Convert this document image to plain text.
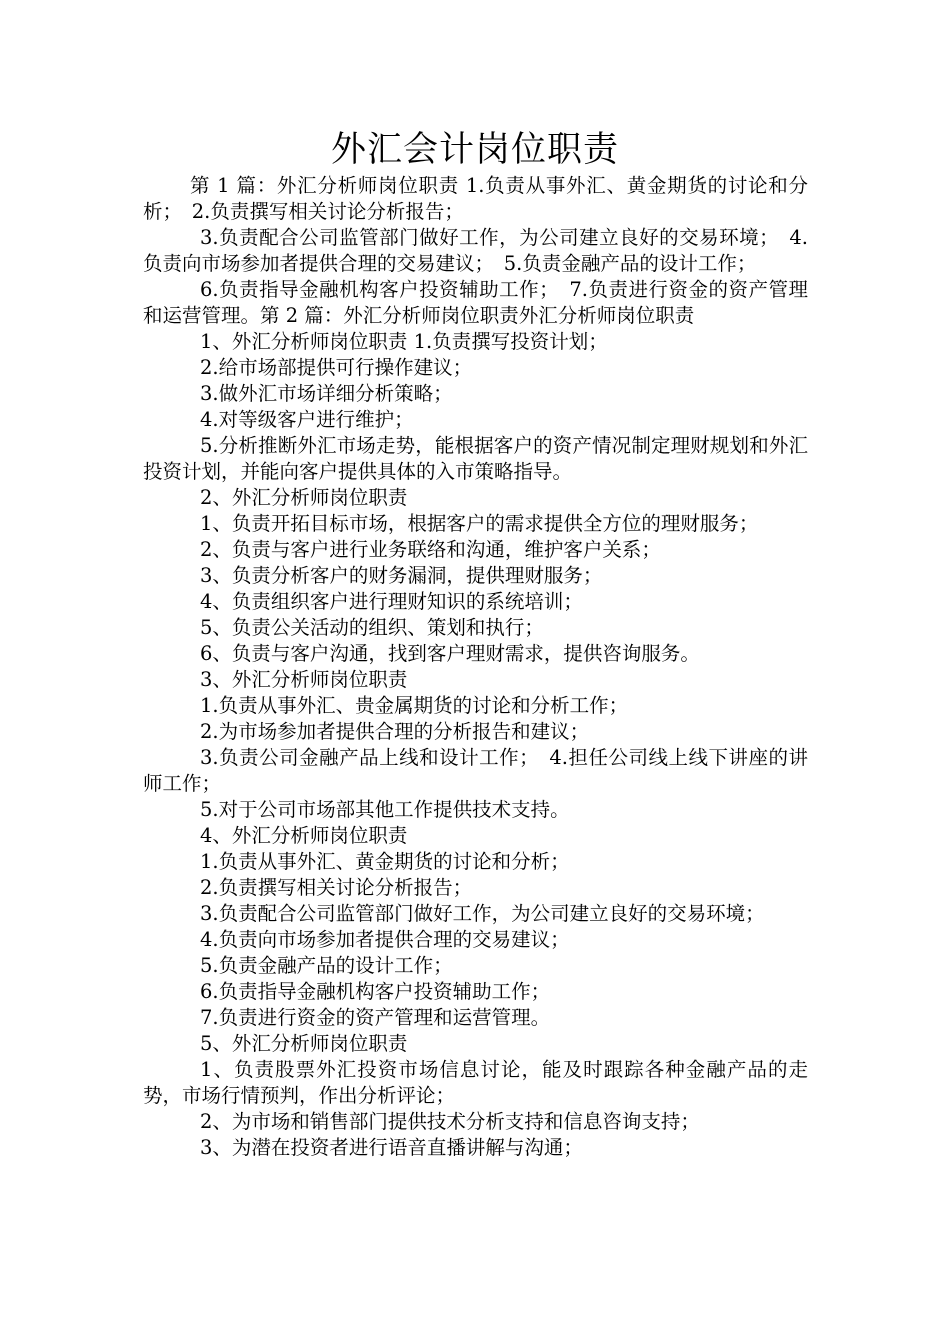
外汇会计岗位职责

第 1 篇：外汇分析师岗位职责 1.负责从事外汇、黄金期货的讨论和分析；　2.负责撰写相关讨论分析报告；

3.负责配合公司监管部门做好工作，为公司建立良好的交易环境；　4.负责向市场参加者提供合理的交易建议；　5.负责金融产品的设计工作；

6.负责指导金融机构客户投资辅助工作；　7.负责进行资金的资产管理和运营管理。第 2 篇：外汇分析师岗位职责外汇分析师岗位职责

1、外汇分析师岗位职责 1.负责撰写投资计划；

2.给市场部提供可行操作建议；

3.做外汇市场详细分析策略；

4.对等级客户进行维护；

5.分析推断外汇市场走势，能根据客户的资产情况制定理财规划和外汇投资计划，并能向客户提供具体的入市策略指导。

2、外汇分析师岗位职责

1、负责开拓目标市场，根据客户的需求提供全方位的理财服务；

2、负责与客户进行业务联络和沟通，维护客户关系；

3、负责分析客户的财务漏洞，提供理财服务；

4、负责组织客户进行理财知识的系统培训；

5、负责公关活动的组织、策划和执行；

6、负责与客户沟通，找到客户理财需求，提供咨询服务。

3、外汇分析师岗位职责

1.负责从事外汇、贵金属期货的讨论和分析工作；

2.为市场参加者提供合理的分析报告和建议；

3.负责公司金融产品上线和设计工作；　4.担任公司线上线下讲座的讲师工作；

5.对于公司市场部其他工作提供技术支持。

4、外汇分析师岗位职责

1.负责从事外汇、黄金期货的讨论和分析；

2.负责撰写相关讨论分析报告；

3.负责配合公司监管部门做好工作，为公司建立良好的交易环境；

4.负责向市场参加者提供合理的交易建议；

5.负责金融产品的设计工作；

6.负责指导金融机构客户投资辅助工作；

7.负责进行资金的资产管理和运营管理。

5、外汇分析师岗位职责

1、负责股票外汇投资市场信息讨论，能及时跟踪各种金融产品的走势，市场行情预判，作出分析评论；

2、为市场和销售部门提供技术分析支持和信息咨询支持；

3、为潜在投资者进行语音直播讲解与沟通；
